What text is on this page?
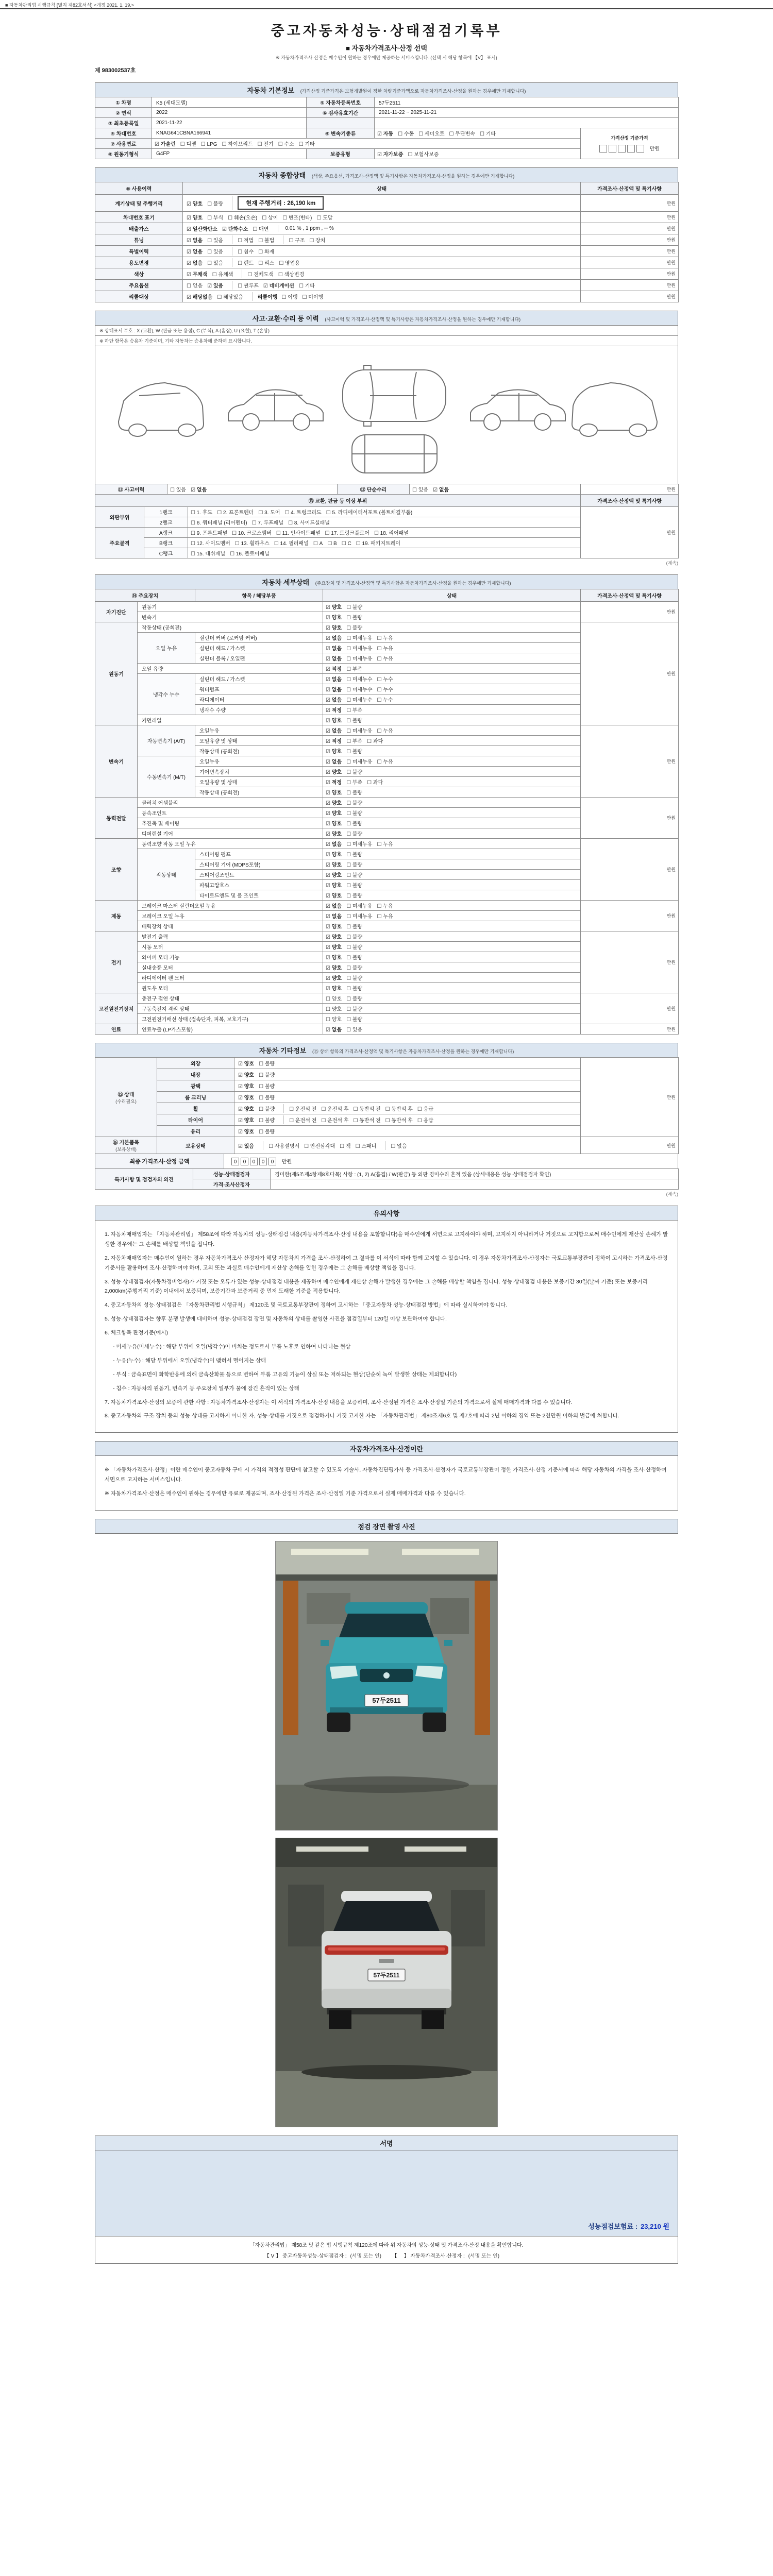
■ 자동차관리법 시행규칙 [별지 제82호서식] <개정 2021. 1. 19.>
중고자동차성능·상태점검기록부
■ 자동차가격조사·산정 선택
※ 자동차가격조사·산정은 매수인이 원하는 경우에만 제공하는 서비스입니다. (선택 시 해당 항목에 【V】 표시)
제 983002537호
자동차 기본정보 (가격산정 기준가격은 보험개발원이 정한 차량기준가액으로 자동차가격조사·산정을 원하는 경우에만 기재합니다)
① 차명	K5 (세대모델)	⑤ 자동차등록번호	57두2511	
② 연식	2022	⑥ 검사유효기간	2021-11-22 ~ 2025-11-21	
③ 최초등록일	2021-11-22			
④ 차대번호	KNAG641CBNA166941	⑨ 변속기종류	☑ 자동 ☐ 수동 ☐ 세미오토 ☐ 무단변속 ☐ 기타	가격산정 기준가격
만원
⑦ 사용연료	☑ 가솔린 ☐ 디젤 ☐ LPG ☐ 하이브리드 ☐ 전기 ☐ 수소 ☐ 기타			
⑧ 원동기형식	G4FP	보증유형	☑ 자가보증 ☐ 보험사보증	
자동차 종합상태 (색상, 주요옵션, 가격조사·산정액 및 특기사항은 자동차가격조사·산정을 원하는 경우에만 기재합니다)
⑩ 사용이력	상태	가격조사·산정액 및 특기사항
계기상태 및 주행거리	☑ 양호 ☐ 불량 현재 주행거리 : 26,190 km	만원
차대번호 표기	☑ 양호 ☐ 부식 ☐ 훼손(오손) ☐ 상이 ☐ 변조(변타) ☐ 도말	만원
배출가스	☑ 일산화탄소 ☑ 탄화수소 ☐ 매연 0.01 % , 1 ppm , ─ %	만원
튜닝	☑ 없음 ☐ 있음 ☐ 적법 ☐ 불법 ☐ 구조 ☐ 장치	만원
특별이력	☑ 없음 ☐ 있음 ☐ 침수 ☐ 화재	만원
용도변경	☑ 없음 ☐ 있음 ☐ 렌트 ☐ 리스 ☐ 영업용	만원
색상	☑ 무채색 ☐ 유채색 ☐ 전체도색 ☐ 색상변경	만원
주요옵션	☐ 없음 ☑ 있음 ☐ 썬루프 ☑ 네비게이션 ☐ 기타	만원
리콜대상	☑ 해당없음 ☐ 해당있음 리콜이행 ☐ 이행 ☐ 미이행	만원
사고·교환·수리 등 이력 (사고이력 및 가격조사·산정액 및 특기사항은 자동차가격조사·산정을 원하는 경우에만 기재합니다)
※ 상태표시 부호 : X (교환), W (판금 또는 용접), C (부식), A (흠집), U (요철), T (손상)
※ 하단 항목은 승용차 기준이며, 기타 자동차는 승용차에 준하여 표시합니다.
⑪ 사고이력	☐ 있음 ☑ 없음	⑫ 단순수리	☐ 있음 ☑ 없음	만원
⑬ 교환, 판금 등 이상 부위			가격조사·산정액 및 특기사항
외판부위	1랭크	☐ 1. 후드 ☐ 2. 프론트펜더 ☐ 3. 도어 ☐ 4. 트렁크리드 ☐ 5. 라디에이터서포트 (볼트체결부품)	만원
	2랭크	☐ 6. 쿼터패널 (리어펜더) ☐ 7. 루프패널 ☐ 8. 사이드실패널	
주요골격	A랭크	☐ 9. 프론트패널 ☐ 10. 크로스멤버 ☐ 11. 인사이드패널 ☐ 17. 트렁크플로어 ☐ 18. 리어패널	
	B랭크	☐ 12. 사이드멤버 ☐ 13. 휠하우스 ☐ 14. 필러패널 ☐ A ☐ B ☐ C ☐ 19. 패키지트레이	
	C랭크	☐ 15. 대쉬패널 ☐ 16. 플로어패널	
(계속)
자동차 세부상태 (주요장치 및 가격조사·산정액 및 특기사항은 자동차가격조사·산정을 원하는 경우에만 기재합니다)
⑭ 주요장치		항목 / 해당부품	상태	가격조사·산정액 및 특기사항
자기진단	원동기		☑ 양호 ☐ 불량	만원
	변속기		☑ 양호 ☐ 불량	
원동기	작동상태 (공회전)		☑ 양호 ☐ 불량	만원
	오일 누유	실린더 커버 (로커암 커버)	☑ 없음 ☐ 미세누유 ☐ 누유	
		실린더 헤드 / 가스켓	☑ 없음 ☐ 미세누유 ☐ 누유	
		실린더 블록 / 오일팬	☑ 없음 ☐ 미세누유 ☐ 누유	
	오일 유량		☑ 적정 ☐ 부족	
	냉각수 누수	실린더 헤드 / 가스켓	☑ 없음 ☐ 미세누수 ☐ 누수	
		워터펌프	☑ 없음 ☐ 미세누수 ☐ 누수	
		라디에이터	☑ 없음 ☐ 미세누수 ☐ 누수	
		냉각수 수량	☑ 적정 ☐ 부족	
	커먼레일		☑ 양호 ☐ 불량	
변속기	자동변속기 (A/T)	오일누유	☑ 없음 ☐ 미세누유 ☐ 누유	만원
		오일유량 및 상태	☑ 적정 ☐ 부족 ☐ 과다	
		작동상태 (공회전)	☑ 양호 ☐ 불량	
	수동변속기 (M/T)	오일누유	☑ 없음 ☐ 미세누유 ☐ 누유	
		기어변속장치	☑ 양호 ☐ 불량	
		오일유량 및 상태	☑ 적정 ☐ 부족 ☐ 과다	
		작동상태 (공회전)	☑ 양호 ☐ 불량	
동력전달	클러치 어셈블리		☑ 양호 ☐ 불량	만원
	등속조인트		☑ 양호 ☐ 불량	
	추진축 및 베어링		☑ 양호 ☐ 불량	
	디퍼렌셜 기어		☑ 양호 ☐ 불량	
조향	동력조향 작동 오일 누유		☑ 없음 ☐ 미세누유 ☐ 누유	만원
	작동상태	스티어링 펌프	☑ 양호 ☐ 불량	
		스티어링 기어 (MDPS포함)	☑ 양호 ☐ 불량	
		스티어링조인트	☑ 양호 ☐ 불량	
		파워고압호스	☑ 양호 ☐ 불량	
		타이로드엔드 및 볼 조인트	☑ 양호 ☐ 불량	
제동	브레이크 마스터 실린더오일 누유		☑ 없음 ☐ 미세누유 ☐ 누유	만원
	브레이크 오일 누유		☑ 없음 ☐ 미세누유 ☐ 누유	
	배력장치 상태		☑ 양호 ☐ 불량	
전기	발전기 출력		☑ 양호 ☐ 불량	만원
	시동 모터		☑ 양호 ☐ 불량	
	와이퍼 모터 기능		☑ 양호 ☐ 불량	
	실내송풍 모터		☑ 양호 ☐ 불량	
	라디에이터 팬 모터		☑ 양호 ☐ 불량	
	윈도우 모터		☑ 양호 ☐ 불량	
고전원전기장치	충전구 절연 상태		☐ 양호 ☐ 불량	만원
	구동축전지 격리 상태		☐ 양호 ☐ 불량	
	고전원전기배선 상태 (접속단자, 피복, 보호기구)		☐ 양호 ☐ 불량	
연료	연료누출 (LP가스포함)		☑ 없음 ☐ 있음	만원
자동차 기타정보 (⑮ 상태 항목의 가격조사·산정액 및 특기사항은 자동차가격조사·산정을 원하는 경우에만 기재합니다)
⑮ 상태
(수리필요)	외장	☑ 양호 ☐ 불량	만원
	내장	☑ 양호 ☐ 불량	
	광택	☑ 양호 ☐ 불량	
	룸 크리닝	☑ 양호 ☐ 불량	
	휠	☑ 양호 ☐ 불량 ☐ 운전석 전 ☐ 운전석 후 ☐ 동반석 전 ☐ 동반석 후 ☐ 응급	
	타이어	☑ 양호 ☐ 불량 ☐ 운전석 전 ☐ 운전석 후 ☐ 동반석 전 ☐ 동반석 후 ☐ 응급	
	유리	☑ 양호 ☐ 불량	
⑯ 기본품목
(보유상태)	보유상태	☑ 있음 ☐ 사용설명서 ☐ 안전삼각대 ☐ 잭 ☐ 스패너 ☐ 없음	만원
최종 가격조사·산정 금액	0 0 0 0 0 만원
특기사항 및 점검자의 의견	성능·상태점검자	경미한(제5조제4항제8호다목) 사항 : (1, 2) A(흠집) / W(판금) 등 외판 경미수리 흔적 있음 (상세내용은 성능·상태점검자 확인)
	가격·조사산정자	
(계속)
유의사항
1. 자동차매매업자는 「자동차관리법」 제58조에 따라 자동차의 성능·상태점검 내용(자동차가격조사·산정 내용을 포함합니다)을 매수인에게 서면으로 고지하여야 하며, 고지하지 아니하거나 거짓으로 고지함으로써 매수인에게 재산상 손해가 발생한 경우에는 그 손해를 배상할 책임을 집니다.
2. 자동차매매업자는 매수인이 원하는 경우 자동차가격조사·산정자가 해당 자동차의 가격을 조사·산정하여 그 결과를 이 서식에 따라 함께 고지할 수 있습니다. 이 경우 자동차가격조사·산정자는 국토교통부장관이 정하여 고시하는 가격조사·산정 기준서를 활용하여 조사·산정하여야 하며, 고의 또는 과실로 매수인에게 재산상 손해를 입힌 경우에는 그 손해를 배상할 책임을 집니다.
3. 성능·상태점검자(자동차정비업자)가 거짓 또는 오류가 있는 성능·상태점검 내용을 제공하여 매수인에게 재산상 손해가 발생한 경우에는 그 손해를 배상할 책임을 집니다. 성능·상태점검 내용은 보증기간 30일(날짜 기준) 또는 보증거리 2,000km(주행거리 기준) 이내에서 보증되며, 보증기간과 보증거리 중 먼저 도래한 기준을 적용합니다.
4. 중고자동차의 성능·상태점검은 「자동차관리법 시행규칙」 제120조 및 국토교통부장관이 정하여 고시하는 「중고자동차 성능·상태점검 방법」에 따라 실시하여야 합니다.
5. 성능·상태점검자는 향후 분쟁 발생에 대비하여 성능·상태점검 장면 및 자동차의 상태를 촬영한 사진을 점검일부터 120일 이상 보관하여야 합니다.
6. 체크항목 판정기준(예시)
- 미세누유(미세누수) : 해당 부위에 오일(냉각수)이 비치는 정도로서 부품 노후로 인하여 나타나는 현상
- 누유(누수) : 해당 부위에서 오일(냉각수)이 맺혀서 떨어지는 상태
- 부식 : 금속표면이 화학반응에 의해 금속산화물 등으로 변하여 부품 고유의 기능이 상실 또는 저하되는 현상(단순히 녹이 발생한 상태는 제외합니다)
- 침수 : 자동차의 원동기, 변속기 등 주요장치 일부가 물에 잠긴 흔적이 있는 상태
7. 자동차가격조사·산정의 보증에 관한 사항 : 자동차가격조사·산정자는 이 서식의 가격조사·산정 내용을 보증하며, 조사·산정된 가격은 조사·산정일 기준의 가격으로서 실제 매매가격과 다를 수 있습니다.
8. 중고자동차의 구조·장치 등의 성능·상태를 고지하지 아니한 자, 성능·상태를 거짓으로 점검하거나 거짓 고지한 자는 「자동차관리법」 제80조제6호 및 제7호에 따라 2년 이하의 징역 또는 2천만원 이하의 벌금에 처합니다.
자동차가격조사·산정이란
※ 「자동차가격조사·산정」이란 매수인이 중고자동차 구매 시 가격의 적정성 판단에 참고할 수 있도록 기술사, 자동차진단평가사 등 가격조사·산정자가 국토교통부장관이 정한 가격조사·산정 기준서에 따라 해당 자동차의 가격을 조사·산정하여 서면으로 고지하는 서비스입니다.
※ 자동차가격조사·산정은 매수인이 원하는 경우에만 유료로 제공되며, 조사·산정된 가격은 조사·산정일 기준 가격으로서 실제 매매가격과 다를 수 있습니다.
점검 장면 촬영 사진
57두2511
57두2511
서명
성능점검보험료 : 23,210 원
「자동차관리법」 제58조 및 같은 법 시행규칙 제120조에 따라 위 자동차의 성능·상태 및 가격조사·산정 내용을 확인합니다.
【 V 】 중고자동차성능·상태점검자 : (서명 또는 인) 【　 】 자동차가격조사·산정자 : (서명 또는 인)
